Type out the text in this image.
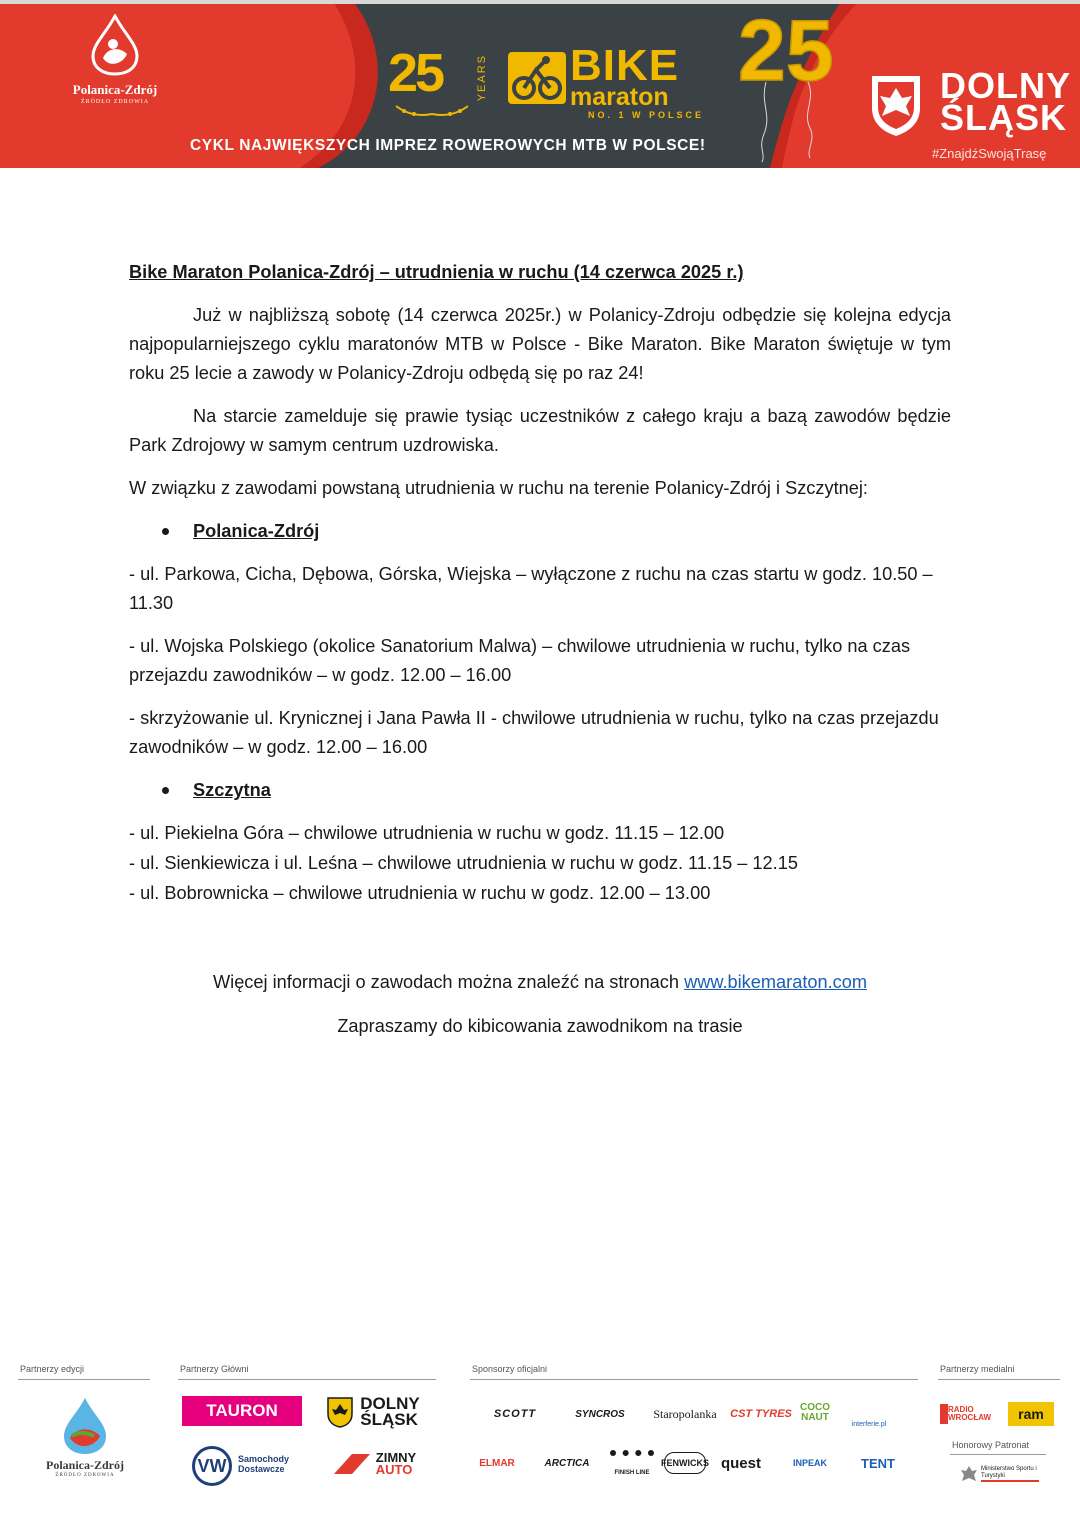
Polanica-Zdrój
ŹRÓDŁO ZDROWIA	25	YEARS BIKE
maraton
NO. 1 W POLSCE
25
CYKL NAJWIĘKSZYCH IMPREZ ROWEROWYCH MTB W POLSCE!
DOLNY
ŚLĄSK
#ZnajdźSwojąTrasę

Bike Maraton Polanica-Zdrój – utrudnienia w ruchu (14 czerwca 2025 r.)

Już w najbliższą sobotę (14 czerwca 2025r.) w Polanicy-Zdroju odbędzie się kolejna edycja najpopularniejszego cyklu maratonów MTB w Polsce - Bike Maraton. Bike Maraton świętuje w tym roku 25 lecie a zawody w Polanicy-Zdroju odbędą się po raz 24!

Na starcie zamelduje się prawie tysiąc uczestników z całego kraju a bazą zawodów będzie Park Zdrojowy w samym centrum uzdrowiska.

W związku z zawodami powstaną utrudnienia w ruchu na terenie Polanicy-Zdrój i Szczytnej:

Polanica-Zdrój

- ul. Parkowa, Cicha, Dębowa, Górska, Wiejska – wyłączone z ruchu na czas startu w godz. 10.50 – 11.30

- ul. Wojska Polskiego (okolice Sanatorium Malwa) – chwilowe utrudnienia w ruchu, tylko na czas przejazdu zawodników – w godz. 12.00 – 16.00

- skrzyżowanie ul. Krynicznej i Jana Pawła II - chwilowe utrudnienia w ruchu, tylko na czas przejazdu zawodników – w godz. 12.00 – 16.00

Szczytna

- ul. Piekielna Góra – chwilowe utrudnienia w ruchu w godz. 11.15 – 12.00

- ul. Sienkiewicza i ul. Leśna – chwilowe utrudnienia w ruchu w godz. 11.15 – 12.15

- ul. Bobrownicka – chwilowe utrudnienia w ruchu w godz. 12.00 – 13.00

Więcej informacji o zawodach można znaleźć na stronach www.bikemaraton.com

Zapraszamy do kibicowania zawodnikom na trasie

Partnerzy edycji	Partnerzy Główni	Sponsorzy oficjalni	Partnerzy medialni
Polanica-Zdrój
ŹRÓDŁO ZDROWIA
TAURON
VW	Samochody Dostawcze
DOLNY
ŚLĄSK
ZIMNY
AUTO
SCOTT	SYNCROS	Staropolanka	CST TYRES
COCO NAUT
interferie.pl
ELMAR	ARCTICA
FINISH LINE
FENWICKS quest	INPEAK	TENT
RADIO WROCŁAW	ram
Honorowy Patronat
Ministerstwo Sportu i Turystyki
